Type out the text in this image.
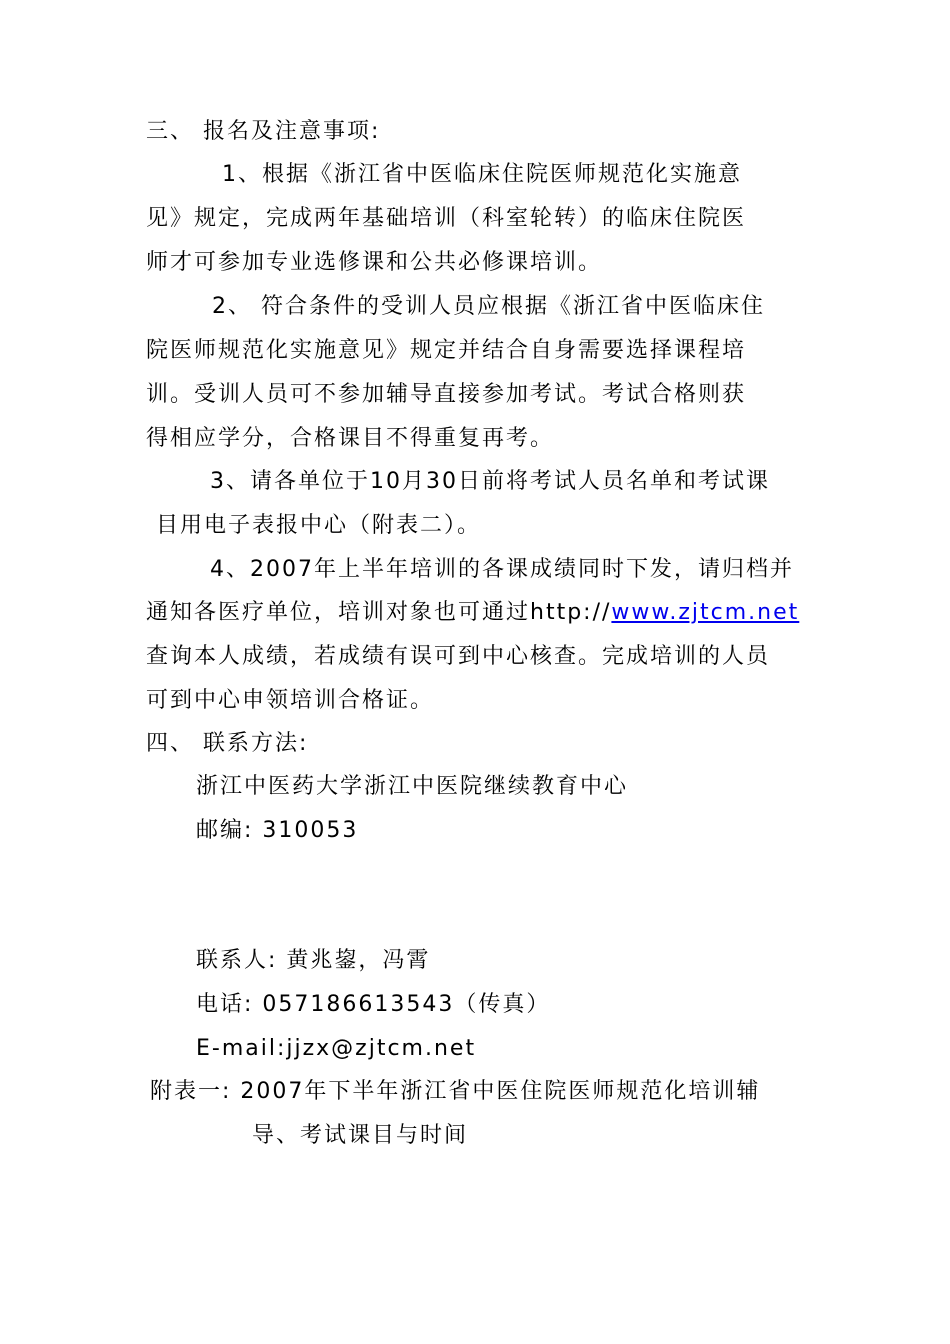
三、 报名及注意事项:
1、根据《浙江省中医临床住院医师规范化实施意
见》规定，完成两年基础培训（科室轮转）的临床住院医
师才可参加专业选修课和公共必修课培训。
2、 符合条件的受训人员应根据《浙江省中医临床住
院医师规范化实施意见》规定并结合自身需要选择课程培
训。受训人员可不参加辅导直接参加考试。考试合格则获
得相应学分，合格课目不得重复再考。
3、请各单位于10月30日前将考试人员名单和考试课
目用电子表报中心（附表二）。
4、2007年上半年培训的各课成绩同时下发，请归档并
通知各医疗单位，培训对象也可通过http://www.zjtcm.net
查询本人成绩，若成绩有误可到中心核查。完成培训的人员
可到中心申领培训合格证。
四、 联系方法:
浙江中医药大学浙江中医院继续教育中心
邮编: 310053
联系人: 黄兆鋆，冯霄
电话: 057186613543（传真）
E-mail:jjzx@zjtcm.net
附表一: 2007年下半年浙江省中医住院医师规范化培训辅
导、考试课目与时间
